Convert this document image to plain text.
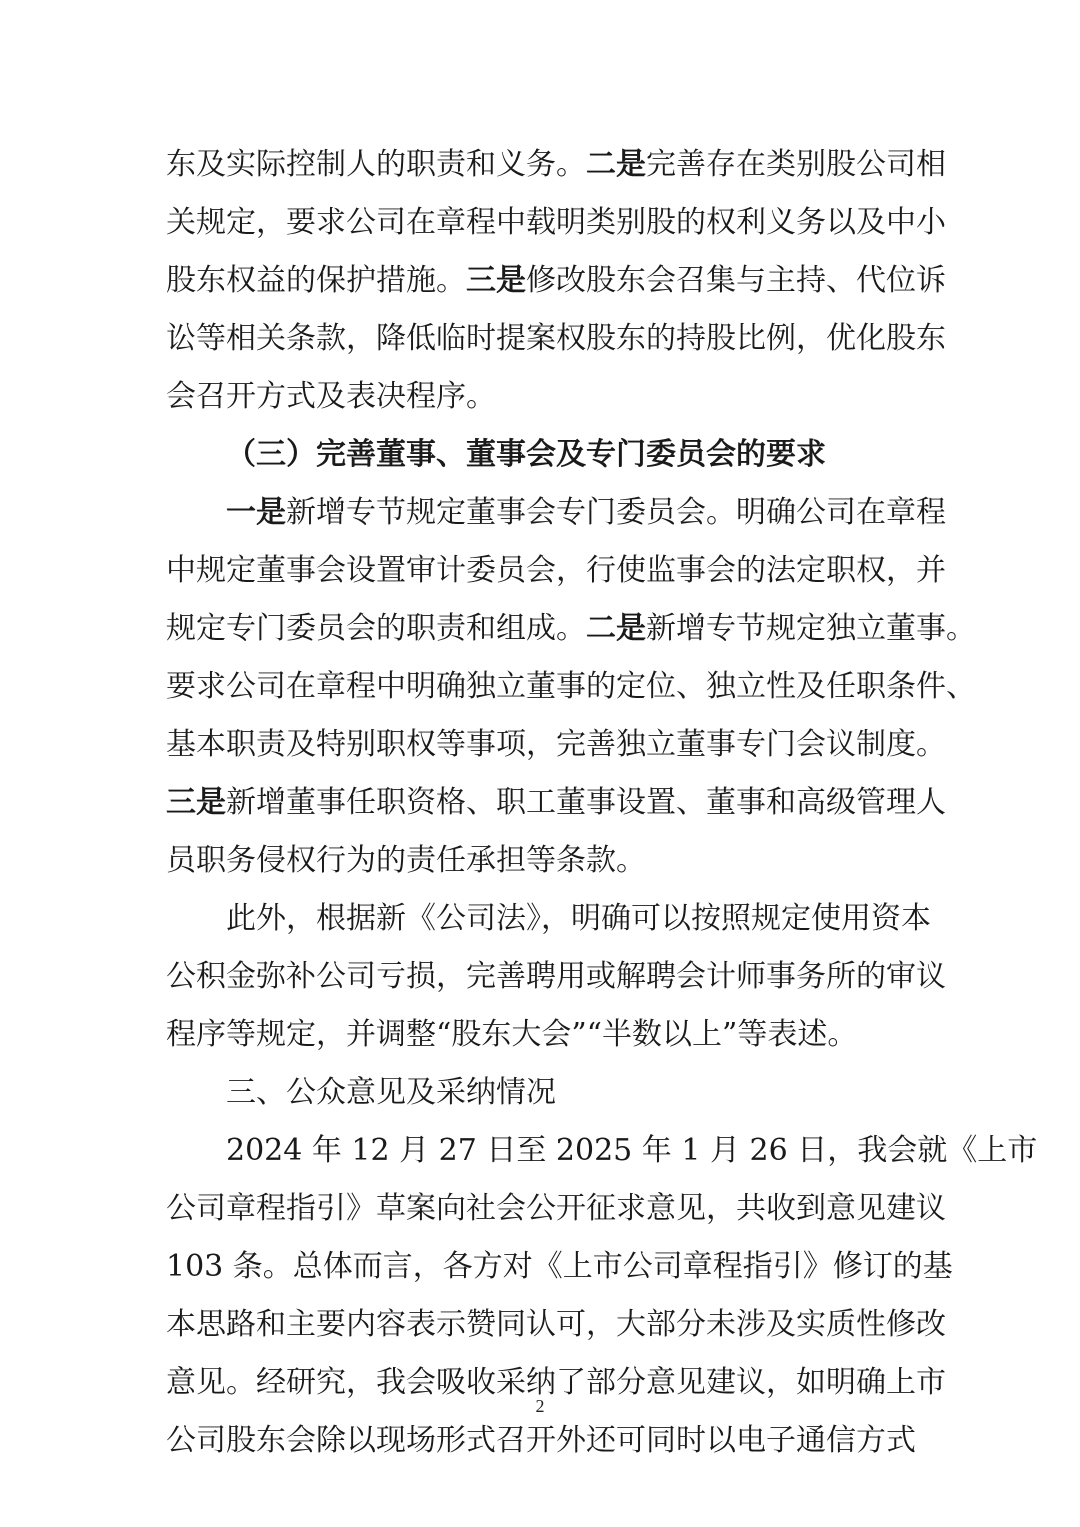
东及实际控制人的职责和义务。二是完善存在类别股公司相
关规定，要求公司在章程中载明类别股的权利义务以及中小
股东权益的保护措施。三是修改股东会召集与主持、代位诉
讼等相关条款，降低临时提案权股东的持股比例，优化股东
会召开方式及表决程序。
（三）完善董事、董事会及专门委员会的要求
一是新增专节规定董事会专门委员会。明确公司在章程
中规定董事会设置审计委员会，行使监事会的法定职权，并
规定专门委员会的职责和组成。二是新增专节规定独立董事。
要求公司在章程中明确独立董事的定位、独立性及任职条件、
基本职责及特别职权等事项，完善独立董事专门会议制度。
三是新增董事任职资格、职工董事设置、董事和高级管理人
员职务侵权行为的责任承担等条款。
此外，根据新《公司法》，明确可以按照规定使用资本
公积金弥补公司亏损，完善聘用或解聘会计师事务所的审议
程序等规定，并调整“股东大会”“半数以上”等表述。
三、公众意见及采纳情况
2024 年 12 月 27 日至 2025 年 1 月 26 日，我会就《上市
公司章程指引》草案向社会公开征求意见，共收到意见建议
103 条。总体而言，各方对《上市公司章程指引》修订的基
本思路和主要内容表示赞同认可，大部分未涉及实质性修改
意见。经研究，我会吸收采纳了部分意见建议，如明确上市
公司股东会除以现场形式召开外还可同时以电子通信方式
2
